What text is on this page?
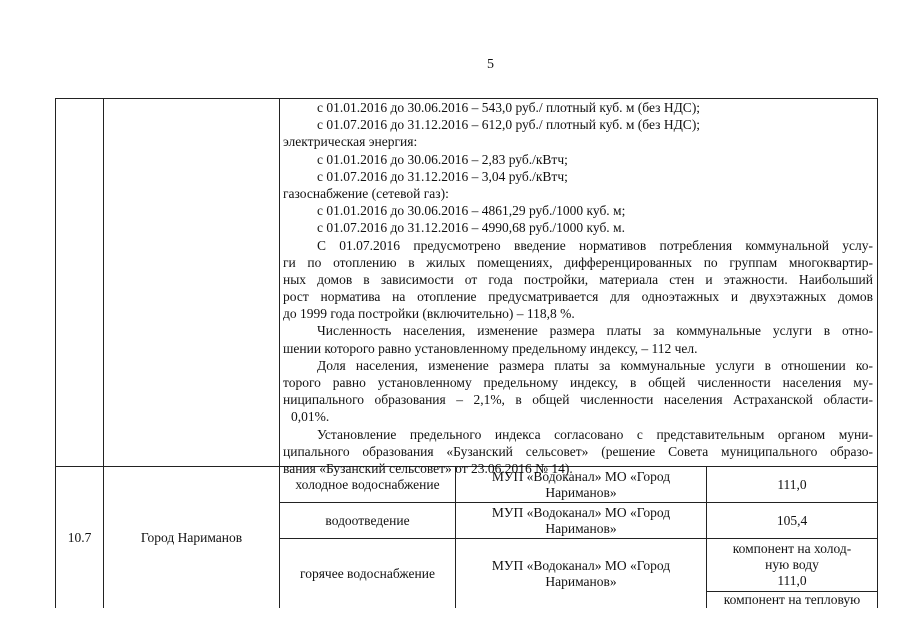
5
с 01.01.2016 до 30.06.2016 – 543,0 руб./ плотный куб. м (без НДС);
с 01.07.2016 до 31.12.2016 – 612,0 руб./ плотный куб. м (без НДС);
электрическая энергия:
с 01.01.2016 до 30.06.2016 – 2,83 руб./кВтч;
с 01.07.2016 до 31.12.2016 – 3,04 руб./кВтч;
газоснабжение (сетевой газ):
с 01.01.2016 до 30.06.2016 – 4861,29 руб./1000 куб. м;
с 01.07.2016 до 31.12.2016 – 4990,68 руб./1000 куб. м.
С 01.07.2016 предусмотрено введение нормативов потребления коммунальной услу-
ги по отоплению в жилых помещениях, дифференцированных по группам многоквартир-
ных домов в зависимости от года постройки, материала стен и этажности. Наибольший
рост норматива на отопление предусматривается для одноэтажных и двухэтажных домов
до 1999 года постройки (включительно) – 118,8 %.
Численность населения, изменение размера платы за коммунальные услуги в отно-
шении которого равно установленному предельному индексу, – 112 чел.
Доля населения, изменение размера платы за коммунальные услуги в отношении ко-
торого равно установленному предельному индексу, в общей численности населения му-
ниципального образования – 2,1%, в общей численности населения Астраханской области-
0,01%.
Установление предельного индекса согласовано с представительным органом муни-
ципального образования «Бузанский сельсовет» (решение Совета муниципального образо-
вания «Бузанский сельсовет» от 23.06.2016 № 14).
10.7	Город Нариманов
холодное водоснабжение
МУП «Водоканал» МО «Город
Нариманов»
111,0
водоотведение
МУП «Водоканал» МО «Город
Нариманов»
105,4
горячее водоснабжение
МУП «Водоканал» МО «Город
Нариманов»
компонент на холод-
ную воду
111,0
компонент на тепловую
